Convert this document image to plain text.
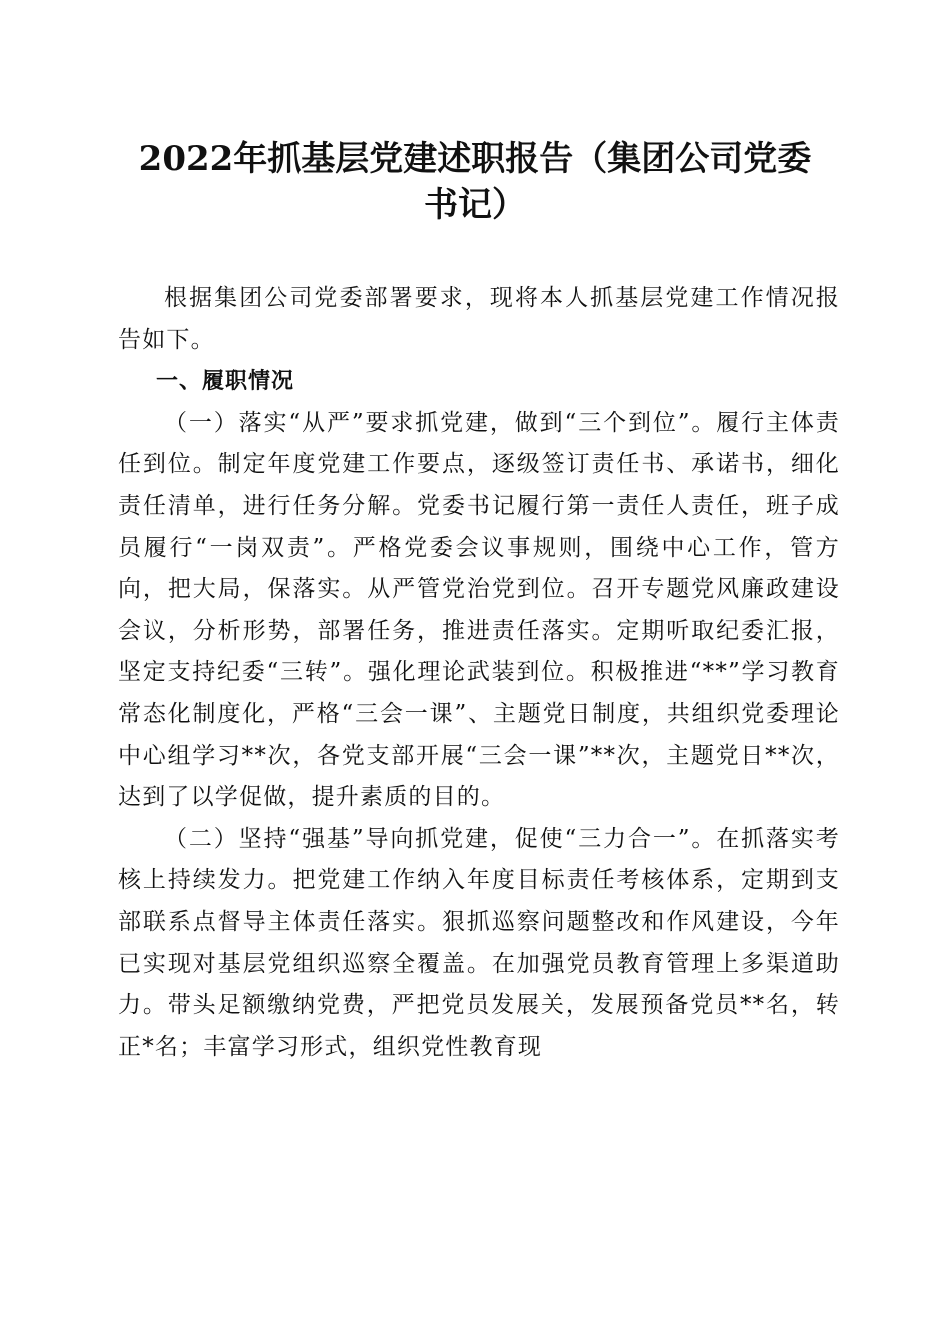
2022年抓基层党建述职报告（集团公司党委
书记）

根据集团公司党委部署要求，现将本人抓基层党建工作情况报告如下。

一、履职情况

（一）落实“从严”要求抓党建，做到“三个到位”。履行主体责任到位。制定年度党建工作要点，逐级签订责任书、承诺书，细化责任清单，进行任务分解。党委书记履行第一责任人责任，班子成员履行“一岗双责”。严格党委会议事规则，围绕中心工作，管方向，把大局，保落实。从严管党治党到位。召开专题党风廉政建设会议，分析形势，部署任务，推进责任落实。定期听取纪委汇报，坚定支持纪委“三转”。强化理论武装到位。积极推进“**”学习教育常态化制度化，严格“三会一课”、主题党日制度，共组织党委理论中心组学习**次，各党支部开展“三会一课”**次，主题党日**次，达到了以学促做，提升素质的目的。

（二）坚持“强基”导向抓党建，促使“三力合一”。在抓落实考核上持续发力。把党建工作纳入年度目标责任考核体系，定期到支部联系点督导主体责任落实。狠抓巡察问题整改和作风建设，今年已实现对基层党组织巡察全覆盖。在加强党员教育管理上多渠道助力。带头足额缴纳党费，严把党员发展关，发展预备党员**名，转正*名；丰富学习形式，组织党性教育现
